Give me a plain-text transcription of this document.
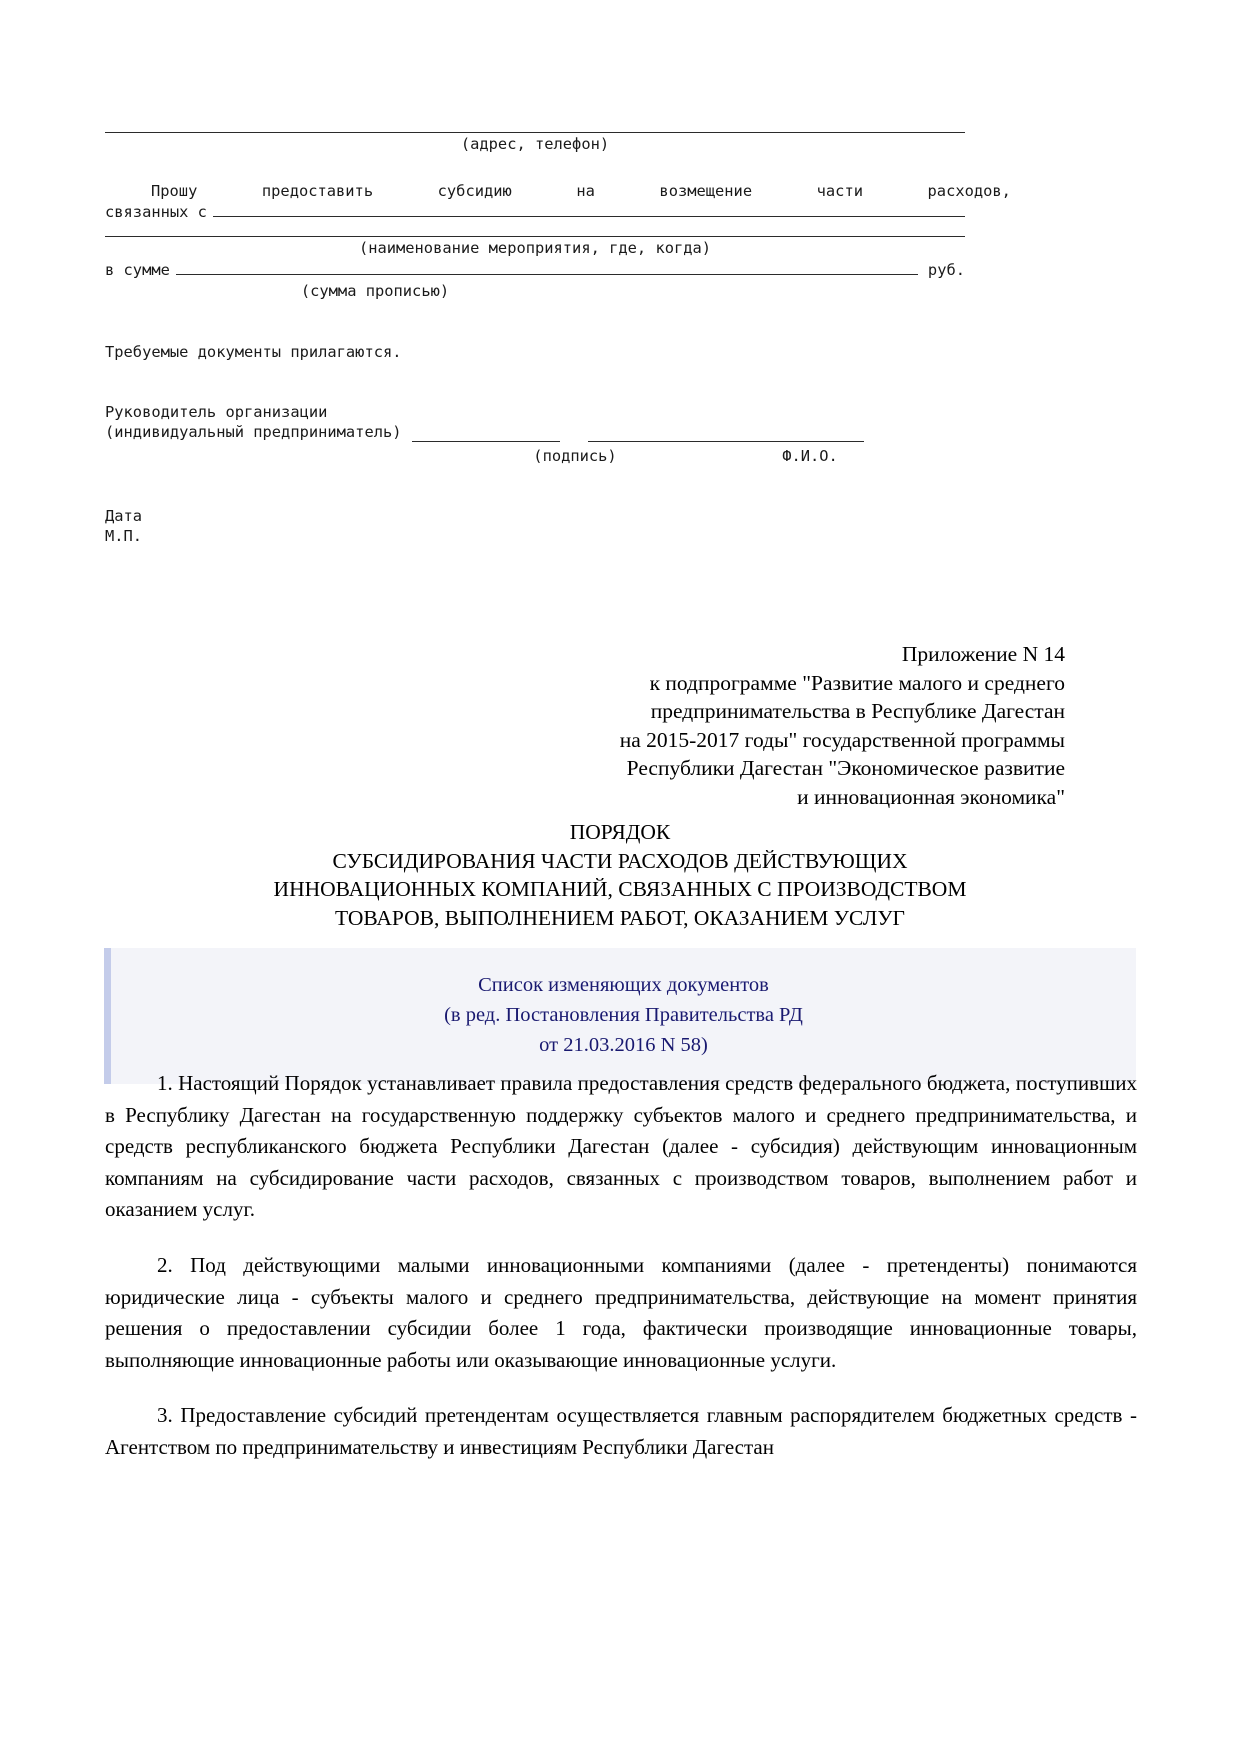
(адрес, телефон)
Прошу	предоставить	субсидию	на	возмещение	части	расходов,
связанных с
(наименование мероприятия, где, когда)
в сумме	руб.
(сумма прописью)
Требуемые документы прилагаются.
Руководитель организации
(индивидуальный предприниматель)
(подпись)	Ф.И.О.
Дата
М.П.
Приложение N 14
к подпрограмме "Развитие малого и среднего
предпринимательства в Республике Дагестан
на 2015-2017 годы" государственной программы
Республики Дагестан "Экономическое развитие
и инновационная экономика"
ПОРЯДОК
СУБСИДИРОВАНИЯ ЧАСТИ РАСХОДОВ ДЕЙСТВУЮЩИХ
ИННОВАЦИОННЫХ КОМПАНИЙ, СВЯЗАННЫХ С ПРОИЗВОДСТВОМ
ТОВАРОВ, ВЫПОЛНЕНИЕМ РАБОТ, ОКАЗАНИЕМ УСЛУГ
Список изменяющих документов
(в ред. Постановления Правительства РД
от 21.03.2016 N 58)

1. Настоящий Порядок устанавливает правила предоставления средств федерального бюджета, поступивших в Республику Дагестан на государственную поддержку субъектов малого и среднего предпринимательства, и средств республиканского бюджета Республики Дагестан (далее - субсидия) действующим инновационным компаниям на субсидирование части расходов, связанных с производством товаров, выполнением работ и оказанием услуг.

2. Под действующими малыми инновационными компаниями (далее - претенденты) понимаются юридические лица - субъекты малого и среднего предпринимательства, действующие на момент принятия решения о предоставлении субсидии более 1 года, фактически производящие инновационные товары, выполняющие инновационные работы или оказывающие инновационные услуги.

3. Предоставление субсидий претендентам осуществляется главным распорядителем бюджетных средств - Агентством по предпринимательству и инвестициям Республики Дагестан
